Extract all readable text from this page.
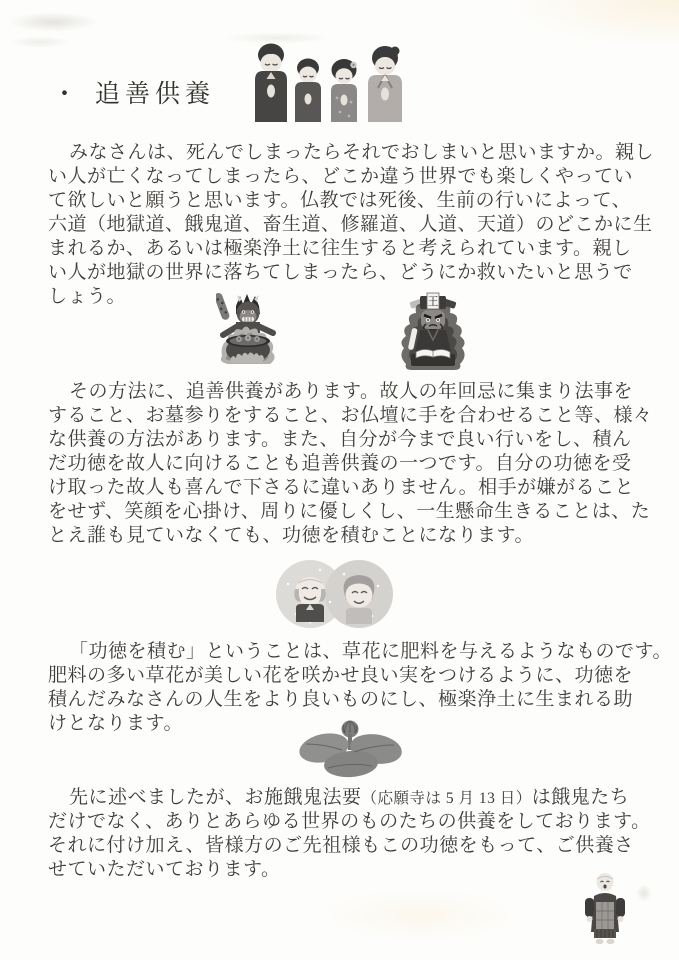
・ 追善供養
みなさんは、死んでしまったらそれでおしまいと思いますか。親し
い人が亡くなってしまったら、どこか違う世界でも楽しくやってい
て欲しいと願うと思います。仏教では死後、生前の行いによって、
六道（地獄道、餓鬼道、畜生道、修羅道、人道、天道）のどこかに生
まれるか、あるいは極楽浄土に往生すると考えられています。親し
い人が地獄の世界に落ちてしまったら、どうにか救いたいと思うで
しょう。	王
その方法に、追善供養があります。故人の年回忌に集まり法事を
すること、お墓参りをすること、お仏壇に手を合わせること等、様々
な供養の方法があります。また、自分が今まで良い行いをし、積ん
だ功徳を故人に向けることも追善供養の一つです。自分の功徳を受
け取った故人も喜んで下さるに違いありません。相手が嫌がること
をせず、笑顔を心掛け、周りに優しくし、一生懸命生きることは、た
とえ誰も見ていなくても、功徳を積むことになります。
「功徳を積む」ということは、草花に肥料を与えるようなものです。
肥料の多い草花が美しい花を咲かせ良い実をつけるように、功徳を
積んだみなさんの人生をより良いものにし、極楽浄土に生まれる助
けとなります。
先に述べましたが、お施餓鬼法要（応願寺は 5 月 13 日）は餓鬼たち
だけでなく、ありとあらゆる世界のものたちの供養をしております。
それに付け加え、皆様方のご先祖様もこの功徳をもって、ご供養さ
せていただいております。
